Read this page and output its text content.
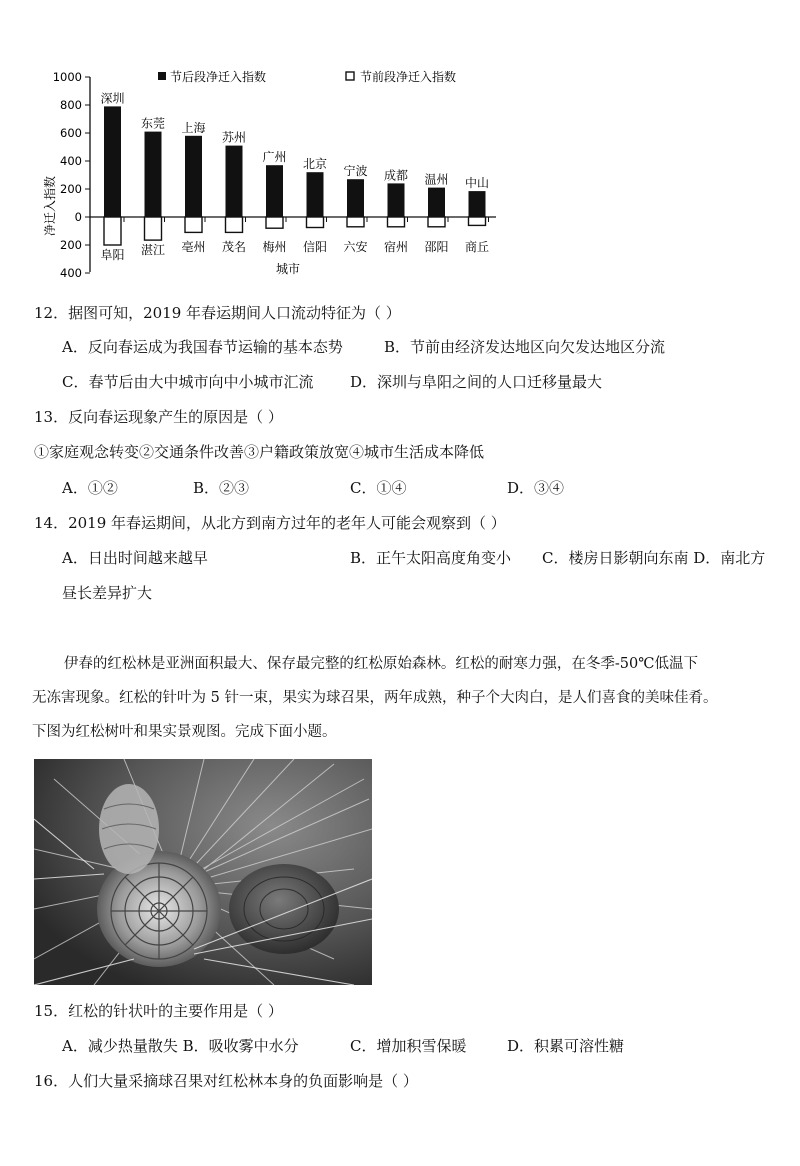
1000
800
600
400
200
0
200
400
深圳
阜阳
东莞
湛江
上海
亳州
苏州
茂名
广州
梅州
北京
信阳
宁波
六安
成都
宿州
温州
邵阳
中山
商丘
节后段净迁入指数	节前段净迁入指数
净迁入指数
城市
12．据图可知，2019 年春运期间人口流动特征为（ ）
A．反向春运成为我国春节运输的基本态势	B．节前由经济发达地区向欠发达地区分流
C．春节后由大中城市向中小城市汇流 D．深圳与阜阳之间的人口迁移量最大
13．反向春运现象产生的原因是（ ）
①家庭观念转变②交通条件改善③户籍政策放宽④城市生活成本降低
A．①②	B．②③	C．①④	D．③④
14．2019 年春运期间，从北方到南方过年的老年人可能会观察到（ ）
A．日出时间越来越早	B．正午太阳高度角变小 C．楼房日影朝向东南 D．南北方
昼长差异扩大

伊春的红松林是亚洲面积最大、保存最完整的红松原始森林。红松的耐寒力强，在冬季-50℃低温下

无冻害现象。红松的针叶为 5 针一束，果实为球召果，两年成熟，种子个大肉白，是人们喜食的美味佳肴。
下图为红松树叶和果实景观图。完成下面小题。
15．红松的针状叶的主要作用是（ ）
A．减少热量散失 B．吸收雾中水分	C．增加积雪保暖	D．积累可溶性糖
16．人们大量采摘球召果对红松林本身的负面影响是（ ）
